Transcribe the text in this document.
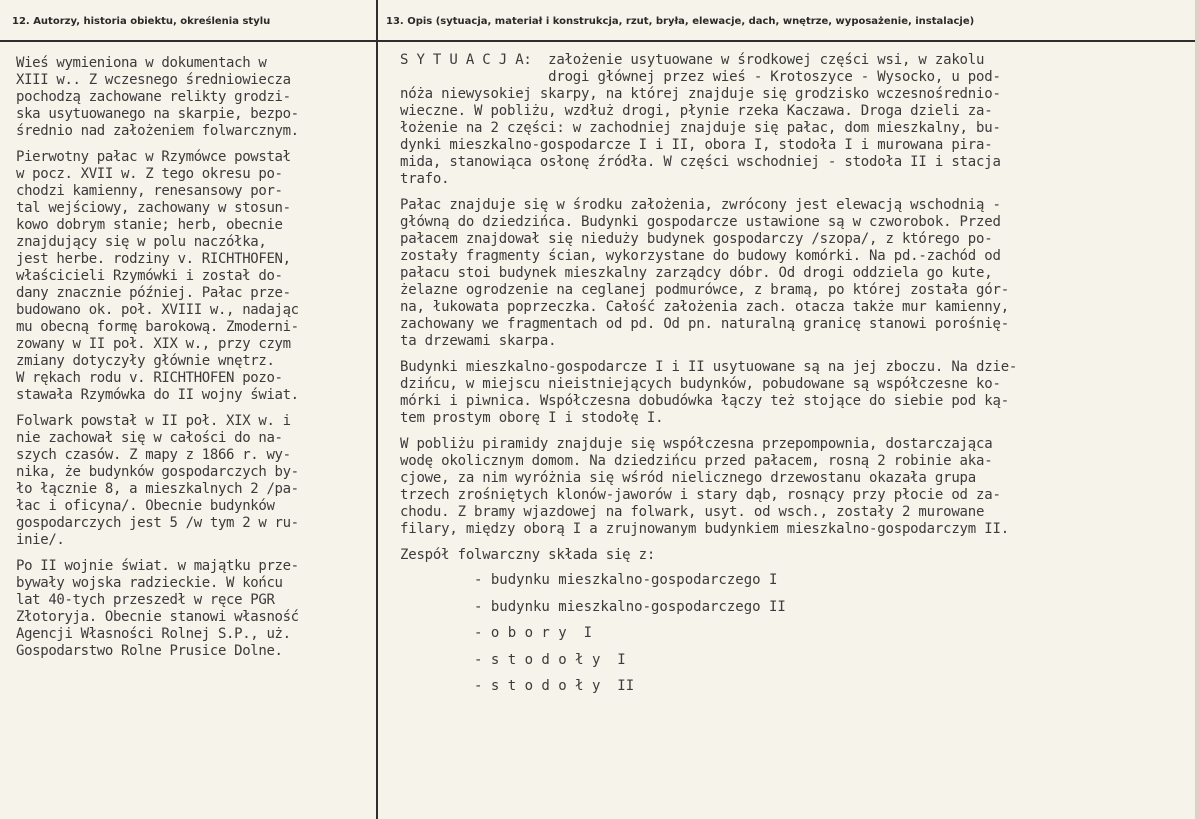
12. Autorzy, historia obiektu, określenia stylu	13. Opis (sytuacja, materiał i konstrukcja, rzut, bryła, elewacje, dach, wnętrze, wyposażenie, instalacje)
Wieś wymieniona w dokumentach w
XIII w.. Z wczesnego średniowiecza
pochodzą zachowane relikty grodzi-
ska usytuowanego na skarpie, bezpo-
średnio nad założeniem folwarcznym.
Pierwotny pałac w Rzymówce powstał
w pocz. XVII w. Z tego okresu po-
chodzi kamienny, renesansowy por-
tal wejściowy, zachowany w stosun-
kowo dobrym stanie; herb, obecnie
znajdujący się w polu naczółka,
jest herbe. rodziny v. RICHTHOFEN,
właścicieli Rzymówki i został do-
dany znacznie później. Pałac prze-
budowano ok. poł. XVIII w., nadając
mu obecną formę barokową. Zmoderni-
zowany w II poł. XIX w., przy czym
zmiany dotyczyły głównie wnętrz.
W rękach rodu v. RICHTHOFEN pozo-
stawała Rzymówka do II wojny świat.
Folwark powstał w II poł. XIX w. i
nie zachował się w całości do na-
szych czasów. Z mapy z 1866 r. wy-
nika, że budynków gospodarczych by-
ło łącznie 8, a mieszkalnych 2 /pa-
łac i oficyna/. Obecnie budynków
gospodarczych jest 5 /w tym 2 w ru-
inie/.
Po II wojnie świat. w majątku prze-
bywały wojska radzieckie. W końcu
lat 40-tych przeszedł w ręce PGR
Złotoryja. Obecnie stanowi własność
Agencji Własności Rolnej S.P., uż.
Gospodarstwo Rolne Prusice Dolne.
S Y T U A C J A:  założenie usytuowane w środkowej części wsi, w zakolu
drogi głównej przez wieś - Krotoszyce - Wysocko, u pod-
nóża niewysokiej skarpy, na której znajduje się grodzisko wczesnośrednio-
wieczne. W pobliżu, wzdłuż drogi, płynie rzeka Kaczawa. Droga dzieli za-
łożenie na 2 części: w zachodniej znajduje się pałac, dom mieszkalny, bu-
dynki mieszkalno-gospodarcze I i II, obora I, stodoła I i murowana pira-
mida, stanowiąca osłonę źródła. W części wschodniej - stodoła II i stacja
trafo.
Pałac znajduje się w środku założenia, zwrócony jest elewacją wschodnią -
główną do dziedzińca. Budynki gospodarcze ustawione są w czworobok. Przed
pałacem znajdował się nieduży budynek gospodarczy /szopa/, z którego po-
zostały fragmenty ścian, wykorzystane do budowy komórki. Na pd.-zachód od
pałacu stoi budynek mieszkalny zarządcy dóbr. Od drogi oddziela go kute,
żelazne ogrodzenie na ceglanej podmurówce, z bramą, po której została gór-
na, łukowata poprzeczka. Całość założenia zach. otacza także mur kamienny,
zachowany we fragmentach od pd. Od pn. naturalną granicę stanowi porośnię-
ta drzewami skarpa.
Budynki mieszkalno-gospodarcze I i II usytuowane są na jej zboczu. Na dzie-
dzińcu, w miejscu nieistniejących budynków, pobudowane są współczesne ko-
mórki i piwnica. Współczesna dobudówka łączy też stojące do siebie pod ką-
tem prostym oborę I i stodołę I.
W pobliżu piramidy znajduje się współczesna przepompownia, dostarczająca
wodę okolicznym domom. Na dziedzińcu przed pałacem, rosną 2 robinie aka-
cjowe, za nim wyróżnia się wśród nielicznego drzewostanu okazała grupa
trzech zrośniętych klonów-jaworów i stary dąb, rosnący przy płocie od za-
chodu. Z bramy wjazdowej na folwark, usyt. od wsch., zostały 2 murowane
filary, między oborą I a zrujnowanym budynkiem mieszkalno-gospodarczym II.
Zespół folwarczny składa się z:
- budynku mieszkalno-gospodarczego I
- budynku mieszkalno-gospodarczego II
- o b o r y  I
- s t o d o ł y  I
- s t o d o ł y  II
